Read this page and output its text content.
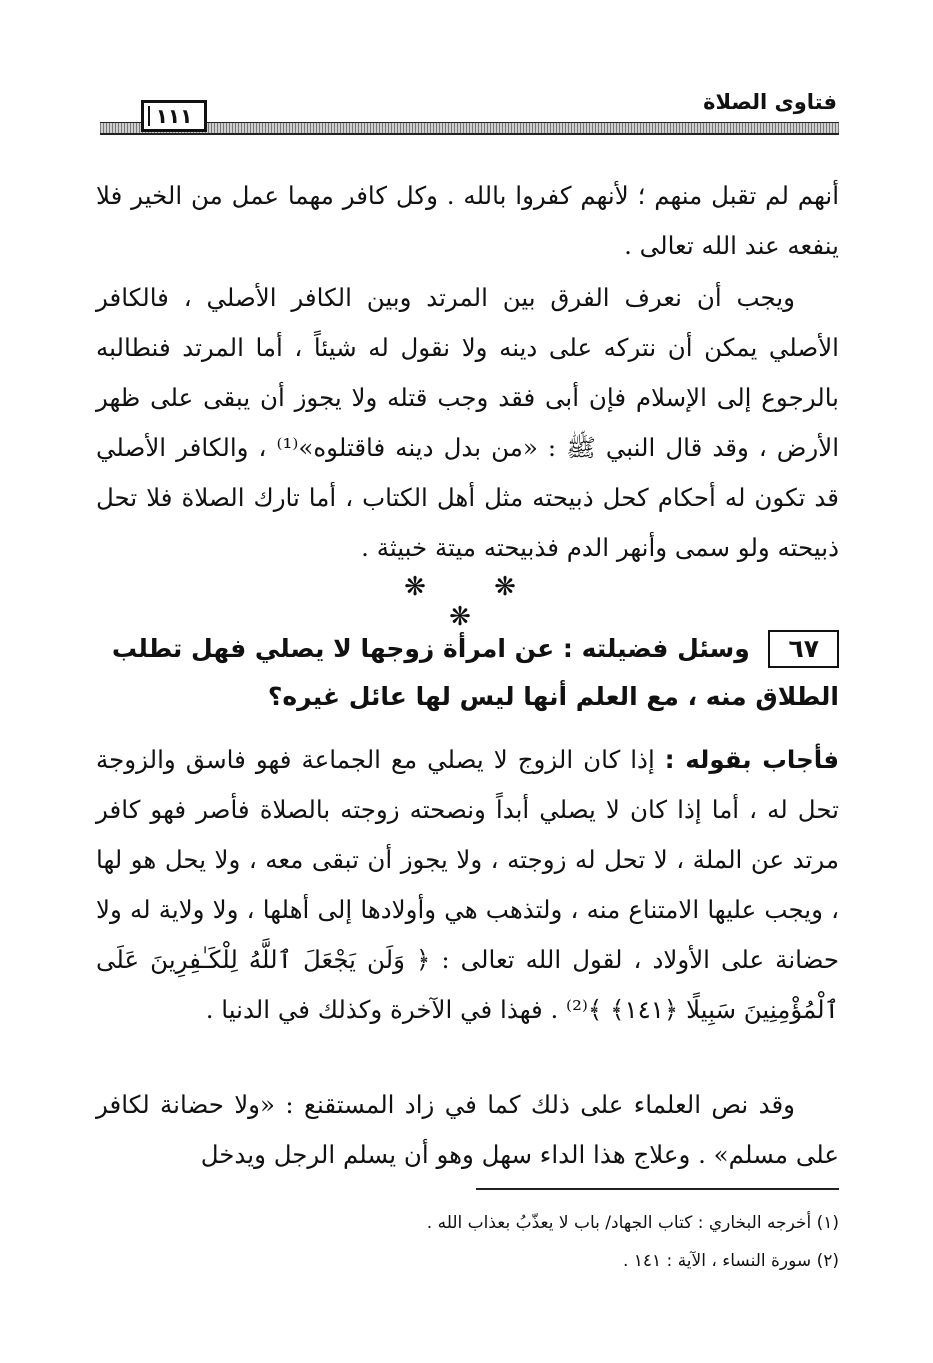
فتاوى الصلاة
١١١
أنهم لم تقبل منهم ؛ لأنهم كفروا بالله . وكل كافر مهما عمل من الخير فلا ينفعه عند الله تعالى .
ويجب أن نعرف الفرق بين المرتد وبين الكافر الأصلي ، فالكافر الأصلي يمكن أن نتركه على دينه ولا نقول له شيئاً ، أما المرتد فنطالبه بالرجوع إلى الإسلام فإن أبى فقد وجب قتله ولا يجوز أن يبقى على ظهر الأرض ، وقد قال النبي ﷺ : «من بدل دينه فاقتلوه»⁽¹⁾ ، والكافر الأصلي قد تكون له أحكام كحل ذبيحته مثل أهل الكتاب ، أما تارك الصلاة فلا تحل ذبيحته ولو سمى وأنهر الدم فذبيحته ميتة خبيثة .
❋ ❋ ❋
٦٧ وسئل فضيلته : عن امرأة زوجها لا يصلي فهل تطلب الطلاق منه ، مع العلم أنها ليس لها عائل غيره؟
فأجاب بقوله : إذا كان الزوج لا يصلي مع الجماعة فهو فاسق والزوجة تحل له ، أما إذا كان لا يصلي أبداً ونصحته زوجته بالصلاة فأصر فهو كافر مرتد عن الملة ، لا تحل له زوجته ، ولا يجوز أن تبقى معه ، ولا يحل هو لها ، ويجب عليها الامتناع منه ، ولتذهب هي وأولادها إلى أهلها ، ولا ولاية له ولا حضانة على الأولاد ، لقول الله تعالى : ﴿ وَلَن يَجْعَلَ ٱللَّهُ لِلْكَـٰفِرِينَ عَلَى ٱلْمُؤْمِنِينَ سَبِيلًا ﴿١٤١﴾ ﴾⁽²⁾ . فهذا في الآخرة وكذلك في الدنيا .
وقد نص العلماء على ذلك كما في زاد المستقنع : «ولا حضانة لكافر على مسلم» . وعلاج هذا الداء سهل وهو أن يسلم الرجل ويدخل
(١) أخرجه البخاري : كتاب الجهاد/ باب لا يعذّبُ بعذاب الله .
(٢) سورة النساء ، الآية : ١٤١ .
